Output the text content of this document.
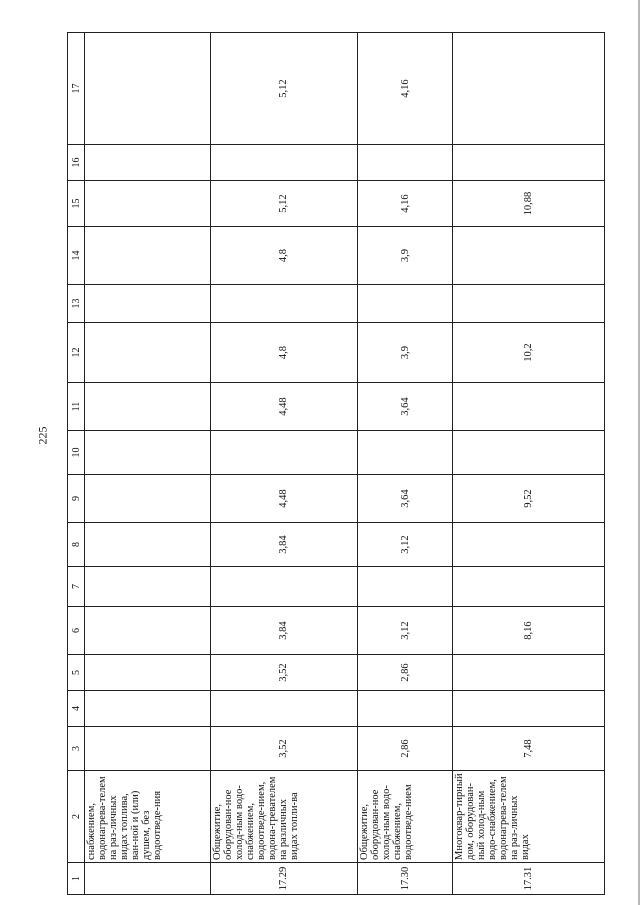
225
1	2	3	4	5	6	7	8	9	10	11	12	13	14	15	16	17
	снабжением, водонагрева-телем на раз-личных видах топлива, ван-ной и (или) душем, без водоотведе-ния															
17.29	Общежитие, оборудован-ное холод-ным водо-снабжением, водоотведе-нием, водона-гревателем на различных видах топли-ва	3,52		3,52	3,84		3,84	4,48		4,48	4,8		4,8	5,12		5,12
17.30	Общежитие, оборудован-ное холод-ным водо-снабжением, водоотведе-нием	2,86		2,86	3,12		3,12	3,64		3,64	3,9		3,9	4,16		4,16
17.31	Многоквар-тирный дом, оборудован-ный холод-ным водо-снабжением, водонагрева-телем на раз-личных видах	7,48			8,16			9,52			10,2			10,88		
